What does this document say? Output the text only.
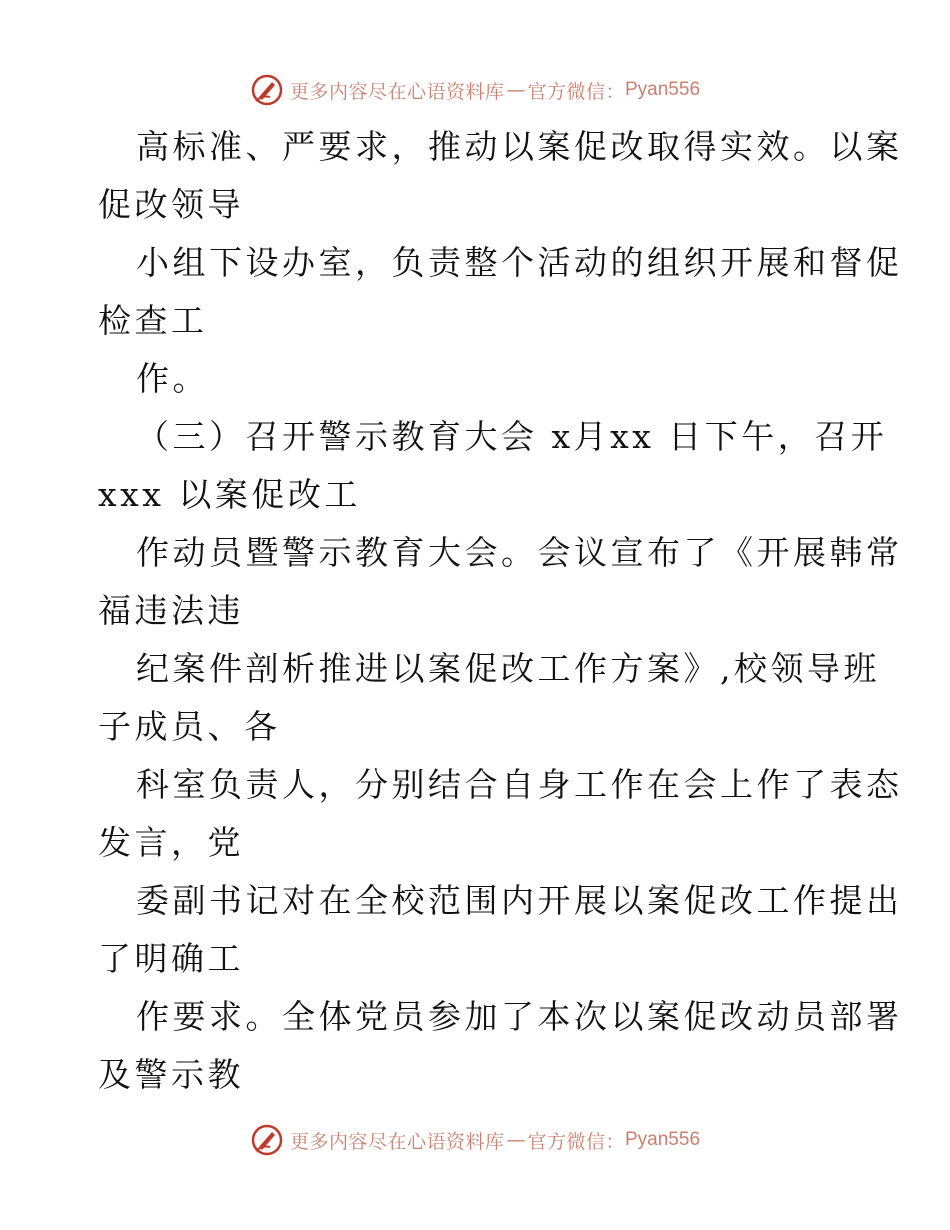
更多内容尽在心语资料库 — 官方微信： Pyan556
高标准、严要求，推动以案促改取得实效。以案
促改领导
小组下设办室，负责整个活动的组织开展和督促
检查工
作。
（三）召开警示教育大会 x月xx 日下午，召开
xxx 以案促改工
作动员暨警示教育大会。会议宣布了《开展韩常
福违法违
纪案件剖析推进以案促改工作方案》,校领导班
子成员、各
科室负责人，分别结合自身工作在会上作了表态
发言，党
委副书记对在全校范围内开展以案促改工作提出
了明确工
作要求。全体党员参加了本次以案促改动员部署
及警示教
更多内容尽在心语资料库 — 官方微信： Pyan556
